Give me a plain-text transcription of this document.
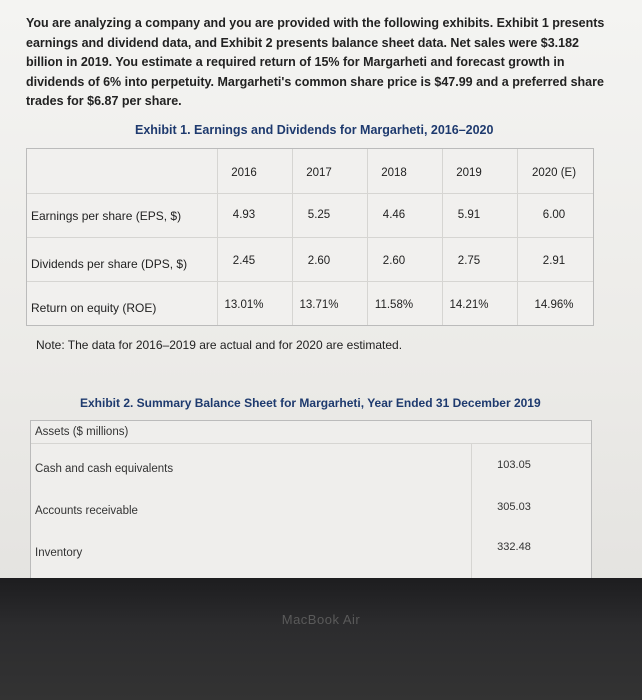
You are analyzing a company and you are provided with the following exhibits. Exhibit 1 presents earnings and dividend data, and Exhibit 2 presents balance sheet data. Net sales were $3.182 billion in 2019. You estimate a required return of 15% for Margarheti and forecast growth in dividends of 6% into perpetuity. Margarheti's common share price is $47.99 and a preferred share trades for $6.87 per share.
Exhibit 1. Earnings and Dividends for Margarheti, 2016–2020
2016	2017	2018	2019	2020 (E)
Earnings per share (EPS, $)	4.93	5.25	4.46	5.91	6.00
Dividends per share (DPS, $)	2.45	2.60	2.60	2.75	2.91
Return on equity (ROE)	13.01%	13.71%	11.58%	14.21%	14.96%
Note: The data for 2016–2019 are actual and for 2020 are estimated.
Exhibit 2. Summary Balance Sheet for Margarheti, Year Ended 31 December 2019
Assets ($ millions)
Cash and cash equivalents	103.05
Accounts receivable	305.03
Inventory	332.48
MacBook Air
